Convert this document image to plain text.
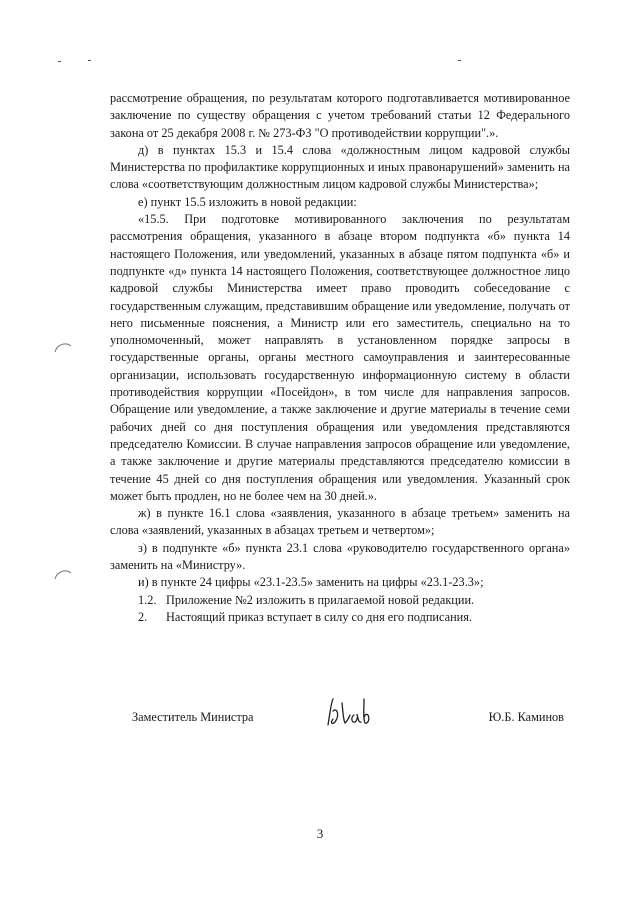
рассмотрение обращения, по результатам которого подготавливается мотивированное заключение по существу обращения с учетом требований статьи 12 Федерального закона от 25 декабря 2008 г. № 273-ФЗ "О противодействии коррупции".».

д) в пунктах 15.3 и 15.4 слова «должностным лицом кадровой службы Министерства по профилактике коррупционных и иных правонарушений» заменить на слова «соответствующим должностным лицом кадровой службы Министерства»;

е) пункт 15.5 изложить в новой редакции:

«15.5. При подготовке мотивированного заключения по результатам рассмотрения обращения, указанного в абзаце втором подпункта «б» пункта 14 настоящего Положения, или уведомлений, указанных в абзаце пятом подпункта «б» и подпункте «д» пункта 14 настоящего Положения, соответствующее должностное лицо кадровой службы Министерства имеет право проводить собеседование с государственным служащим, представившим обращение или уведомление, получать от него письменные пояснения, а Министр или его заместитель, специально на то уполномоченный, может направлять в установленном порядке запросы в государственные органы, органы местного самоуправления и заинтересованные организации, использовать государственную информационную систему в области противодействия коррупции «Посейдон», в том числе для направления запросов. Обращение или уведомление, а также заключение и другие материалы в течение семи рабочих дней со дня поступления обращения или уведомления представляются председателю Комиссии. В случае направления запросов обращение или уведомление, а также заключение и другие материалы представляются председателю комиссии в течение 45 дней со дня поступления обращения или уведомления. Указанный срок может быть продлен, но не более чем на 30 дней.».

ж) в пункте 16.1 слова «заявления, указанного в абзаце третьем» заменить на слова «заявлений, указанных в абзацах третьем и четвертом»;

з) в подпункте «б» пункта 23.1 слова «руководителю государственного органа» заменить на «Министру».

и) в пункте 24 цифры «23.1-23.5» заменить на цифры «23.1-23.3»;

1.2. Приложение №2 изложить в прилагаемой новой редакции.

2.	Настоящий приказ вступает в силу со дня его подписания.

Заместитель Министра	Ю.Б. Каминов
3
